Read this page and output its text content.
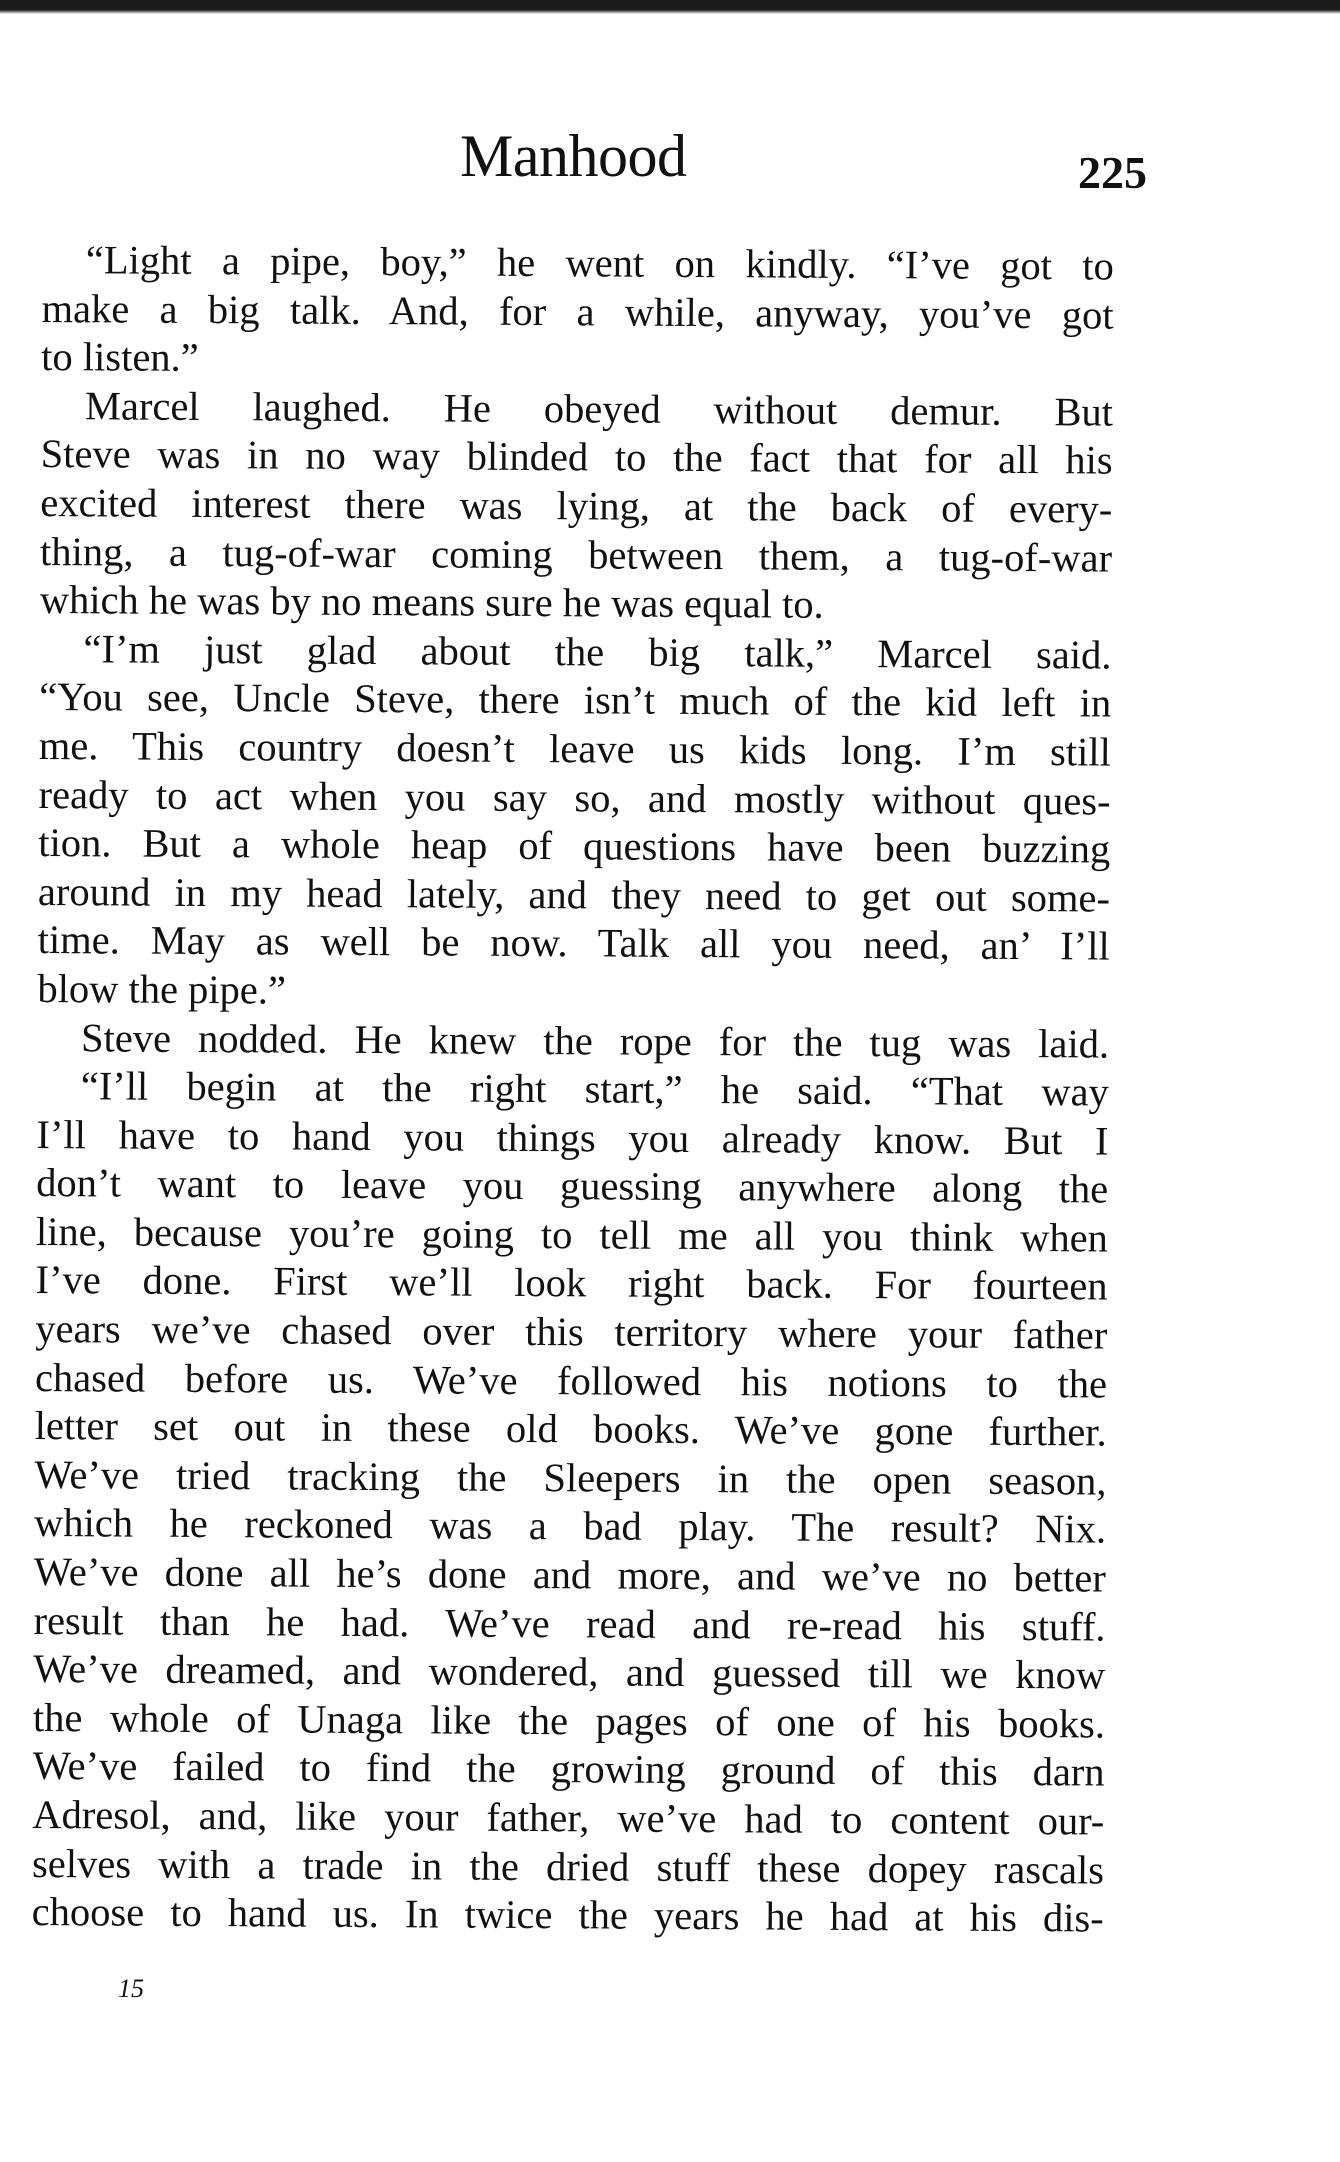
Manhood	225
“Light a pipe, boy,” he went on kindly. “I’ve got to
make a big talk. And, for a while, anyway, you’ve got
to listen.”
Marcel laughed. He obeyed without demur. But
Steve was in no way blinded to the fact that for all his
excited interest there was lying, at the back of every-
thing, a tug-of-war coming between them, a tug-of-war
which he was by no means sure he was equal to.
“I’m just glad about the big talk,” Marcel said.
“You see, Uncle Steve, there isn’t much of the kid left in
me. This country doesn’t leave us kids long. I’m still
ready to act when you say so, and mostly without ques-
tion. But a whole heap of questions have been buzzing
around in my head lately, and they need to get out some-
time. May as well be now. Talk all you need, an’ I’ll
blow the pipe.”
Steve nodded. He knew the rope for the tug was laid.
“I’ll begin at the right start,” he said. “That way
I’ll have to hand you things you already know. But I
don’t want to leave you guessing anywhere along the
line, because you’re going to tell me all you think when
I’ve done. First we’ll look right back. For fourteen
years we’ve chased over this territory where your father
chased before us. We’ve followed his notions to the
letter set out in these old books. We’ve gone further.
We’ve tried tracking the Sleepers in the open season,
which he reckoned was a bad play. The result? Nix.
We’ve done all he’s done and more, and we’ve no better
result than he had. We’ve read and re-read his stuff.
We’ve dreamed, and wondered, and guessed till we know
the whole of Unaga like the pages of one of his books.
We’ve failed to find the growing ground of this darn
Adresol, and, like your father, we’ve had to content our-
selves with a trade in the dried stuff these dopey rascals
choose to hand us. In twice the years he had at his dis-
15
